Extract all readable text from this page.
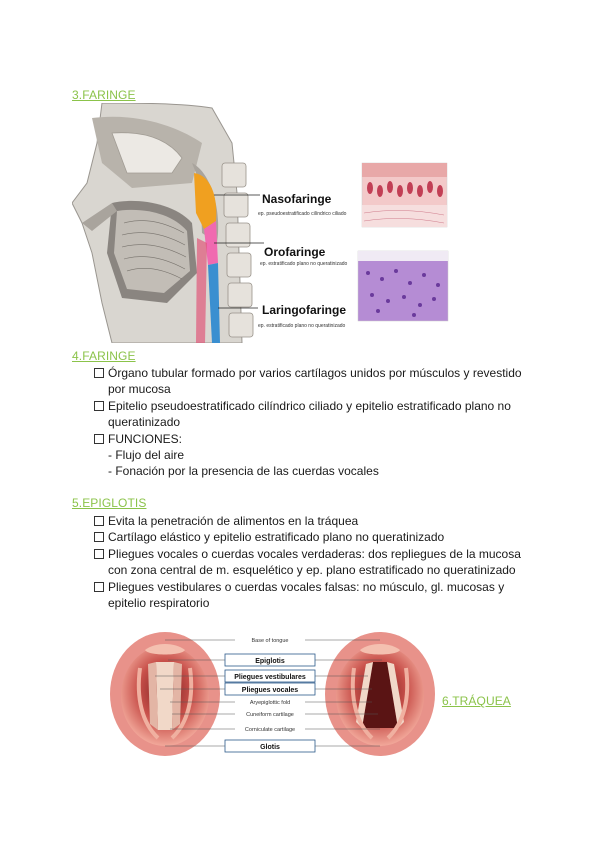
3.FARINGE
Nasofaringe
ep. pseudoestratificado cilíndrico ciliado
Orofaringe
ep. estratificado plano no queratinizado
Laringofaringe
ep. estratificado plano no queratinizado
4.FARINGE

Órgano tubular formado por varios cartílagos unidos por músculos y revestido por mucosa

Epitelio pseudoestratificado cilíndrico ciliado y epitelio estratificado plano no queratinizado

FUNCIONES:

- Flujo del aire
- Fonación por la presencia de las cuerdas vocales
5.EPIGLOTIS

Evita la penetración de alimentos en la tráquea

Cartílago elástico y epitelio estratificado plano no queratinizado

Pliegues vocales o cuerdas vocales verdaderas: dos repliegues de la mucosa con zona central de m. esquelético y ep. plano estratificado no queratinizado

Pliegues vestibulares o cuerdas vocales falsas: no músculo, gl. mucosas y epitelio respiratorio

Base of tongue
Epiglotis
Pliegues vestibulares
Pliegues vocales
Aryepiglottic fold
Cuneiform cartilage
Corniculate cartilage
Glotis
6.TRÁQUEA
